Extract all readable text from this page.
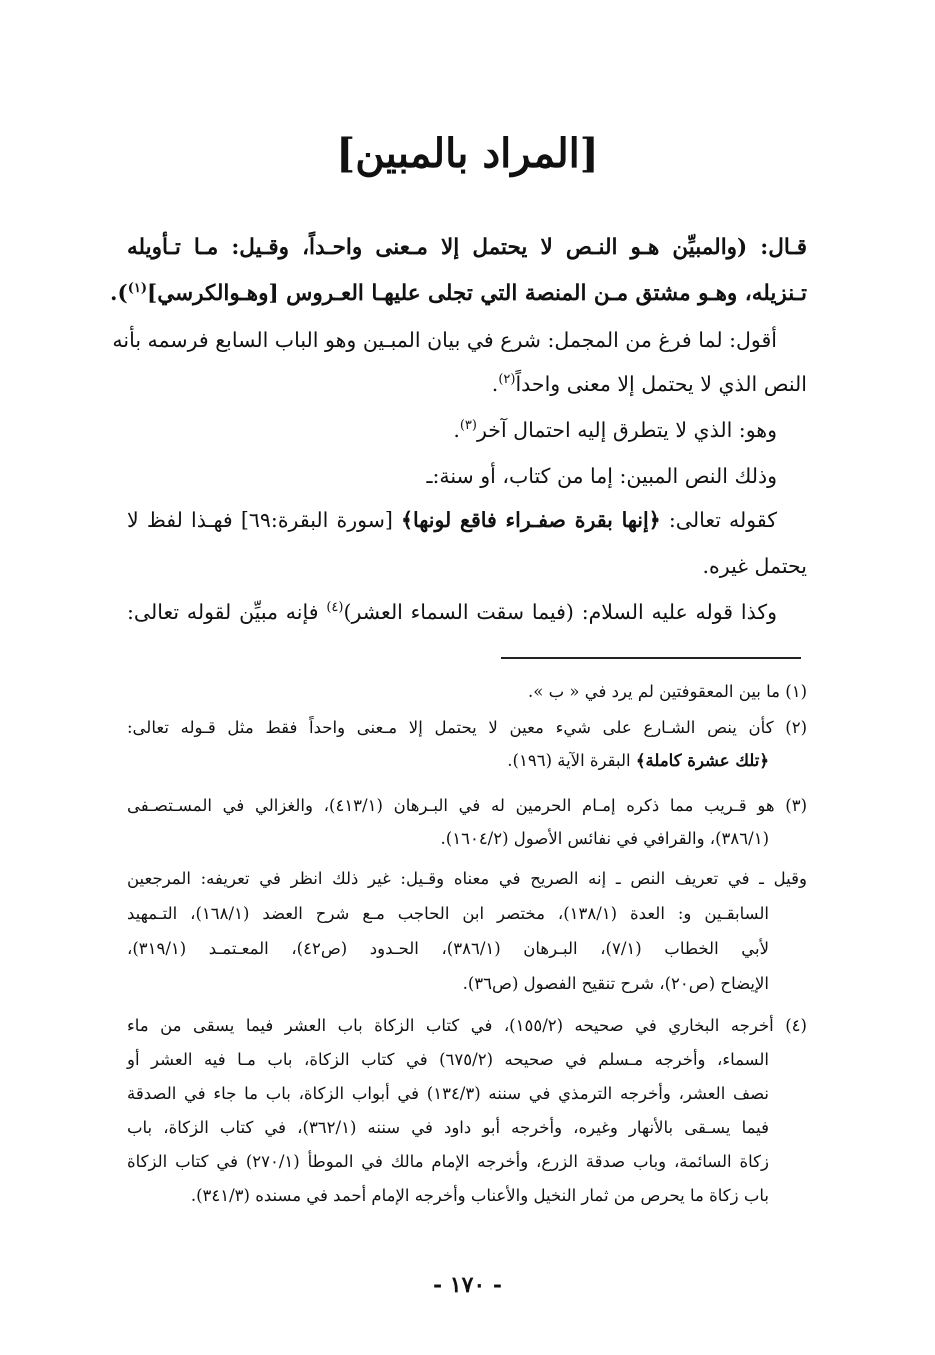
[المراد بالمبين]
قـال: (والمبيِّن هـو النـص لا يحتمل إلا مـعنى واحـداً، وقـيل: مـا تـأويله
تـنزيله، وهـو مشتق مـن المنصة التي تجلى عليهـا العـروس [وهـوالكرسي]$^{(١)}$).
أقول: لما فرغ من المجمل: شرع في بيان المبـين وهو الباب السابع فرسمه بأنه
النص الذي لا يحتمل إلا معنى واحداً$^{(٢)}$.
وهو: الذي لا يتطرق إليه احتمال آخر$^{(٣)}$.
وذلك النص المبين: إما من كتاب، أو سنة:ـ
كقوله تعالى: ﴿إنها بقرة صفـراء فاقع لونها﴾ [سورة البقرة:٦٩] فهـذا لفظ لا
يحتمل غيره.
وكذا قوله عليه السلام: (فيما سقت السماء العشر)$^{(٤)}$ فإنه مبيِّن لقوله تعالى:
(١) ما بين المعقوفتين لم يرد في « ب ».
(٢) كأن ينص الشـارع على شيء معين لا يحتمل إلا مـعنى واحداً فقط مثل قـوله تعالى:
﴿تلك عشرة كاملة﴾ البقرة الآية (١٩٦).
(٣) هو قـريب مما ذكره إمـام الحرمين له في البـرهان (٤١٣/١)، والغزالي في المسـتصـفى
(٣٨٦/١)، والقرافي في نفائس الأصول (١٦٠٤/٢).
وقيل ـ في تعريف النص ـ إنه الصريح في معناه وقـيل: غير ذلك انظر في تعريفه: المرجعين
السابقـين و: العدة (١٣٨/١)، مختصر ابن الحاجب مـع شرح العضد (١٦٨/١)، التـمهيد
لأبي الخطاب (٧/١)، البـرهان (٣٨٦/١)، الحـدود (ص٤٢)، المعـتمـد (٣١٩/١)،
الإيضاح (ص٢٠)، شرح تنقيح الفصول (ص٣٦).
(٤) أخرجه البخاري في صحيحه (١٥٥/٢)، في كتاب الزكاة باب العشر فيما يسقى من ماء
السماء، وأخرجه مـسلم في صحيحه (٦٧٥/٢) في كتاب الزكاة، باب مـا فيه العشر أو
نصف العشر، وأخرجه الترمذي في سننه (١٣٤/٣) في أبواب الزكاة، باب ما جاء في الصدقة
فيما يسـقى بالأنهار وغيره، وأخرجه أبو داود في سننه (٣٦٢/١)، في كتاب الزكاة، باب
زكاة السائمة، وباب صدقة الزرع، وأخرجه الإمام مالك في الموطأ (٢٧٠/١) في كتاب الزكاة
باب زكاة ما يحرص من ثمار النخيل والأعناب وأخرجه الإمام أحمد في مسنده (٣٤١/٣).
- ١٧٠ -
